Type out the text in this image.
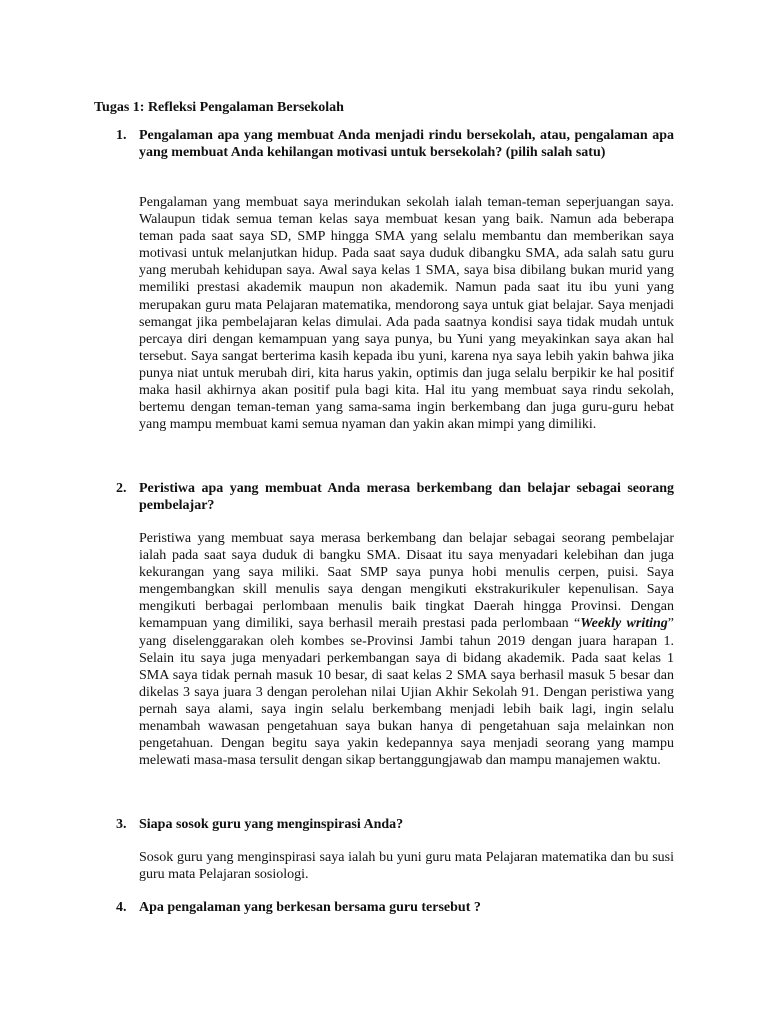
Tugas 1: Refleksi Pengalaman Bersekolah
1. Pengalaman apa yang membuat Anda menjadi rindu bersekolah, atau, pengalaman apa yang membuat Anda kehilangan motivasi untuk bersekolah? (pilih salah satu)
Pengalaman yang membuat saya merindukan sekolah ialah teman-teman seperjuangan saya. Walaupun tidak semua teman kelas saya membuat kesan yang baik. Namun ada beberapa teman pada saat saya SD, SMP hingga SMA yang selalu membantu dan memberikan saya motivasi untuk melanjutkan hidup. Pada saat saya duduk dibangku SMA, ada salah satu guru yang merubah kehidupan saya. Awal saya kelas 1 SMA, saya bisa dibilang bukan murid yang memiliki prestasi akademik maupun non akademik. Namun pada saat itu ibu yuni yang merupakan guru mata Pelajaran matematika, mendorong saya untuk giat belajar. Saya menjadi semangat jika pembelajaran kelas dimulai. Ada pada saatnya kondisi saya tidak mudah untuk percaya diri dengan kemampuan yang saya punya, bu Yuni yang meyakinkan saya akan hal tersebut. Saya sangat berterima kasih kepada ibu yuni, karena nya saya lebih yakin bahwa jika punya niat untuk merubah diri, kita harus yakin, optimis dan juga selalu berpikir ke hal positif maka hasil akhirnya akan positif pula bagi kita. Hal itu yang membuat saya rindu sekolah, bertemu dengan teman-teman yang sama-sama ingin berkembang dan juga guru-guru hebat yang mampu membuat kami semua nyaman dan yakin akan mimpi yang dimiliki.
2. Peristiwa apa yang membuat Anda merasa berkembang dan belajar sebagai seorang pembelajar?
Peristiwa yang membuat saya merasa berkembang dan belajar sebagai seorang pembelajar ialah pada saat saya duduk di bangku SMA. Disaat itu saya menyadari kelebihan dan juga kekurangan yang saya miliki. Saat SMP saya punya hobi menulis cerpen, puisi. Saya mengembangkan skill menulis saya dengan mengikuti ekstrakurikuler kepenulisan. Saya mengikuti berbagai perlombaan menulis baik tingkat Daerah hingga Provinsi. Dengan kemampuan yang dimiliki, saya berhasil meraih prestasi pada perlombaan “Weekly writing” yang diselenggarakan oleh kombes se-Provinsi Jambi tahun 2019 dengan juara harapan 1. Selain itu saya juga menyadari perkembangan saya di bidang akademik. Pada saat kelas 1 SMA saya tidak pernah masuk 10 besar, di saat kelas 2 SMA saya berhasil masuk 5 besar dan dikelas 3 saya juara 3 dengan perolehan nilai Ujian Akhir Sekolah 91. Dengan peristiwa yang pernah saya alami, saya ingin selalu berkembang menjadi lebih baik lagi, ingin selalu menambah wawasan pengetahuan saya bukan hanya di pengetahuan saja melainkan non pengetahuan. Dengan begitu saya yakin kedepannya saya menjadi seorang yang mampu melewati masa-masa tersulit dengan sikap bertanggungjawab dan mampu manajemen waktu.
3. Siapa sosok guru yang menginspirasi Anda?
Sosok guru yang menginspirasi saya ialah bu yuni guru mata Pelajaran matematika dan bu susi guru mata Pelajaran sosiologi.
4. Apa pengalaman yang berkesan bersama guru tersebut ?
